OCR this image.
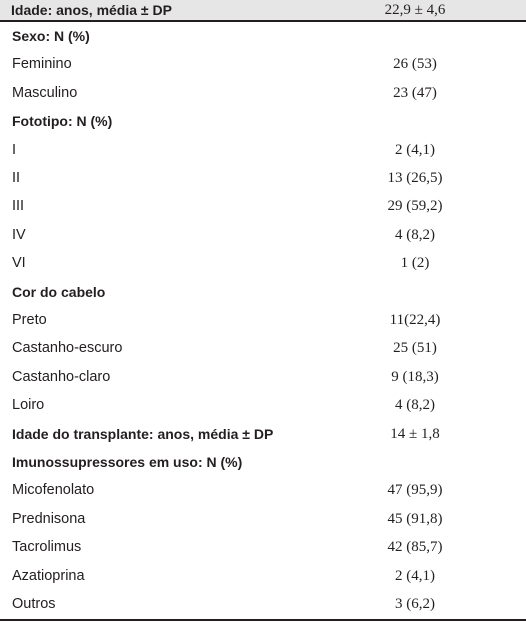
Idade: anos, média ± DP	22,9 ± 4,6
Sexo: N (%)
Feminino	26 (53)
Masculino	23 (47)
Fototipo: N (%)
I	2 (4,1)
II	13 (26,5)
III	29 (59,2)
IV	4 (8,2)
VI	1 (2)
Cor do cabelo
Preto	11(22,4)
Castanho-escuro	25 (51)
Castanho-claro	9 (18,3)
Loiro	4 (8,2)
Idade do transplante: anos, média ± DP	14 ± 1,8
Imunossupressores em uso: N (%)
Micofenolato	47 (95,9)
Prednisona	45 (91,8)
Tacrolimus	42 (85,7)
Azatioprina	2 (4,1)
Outros	3 (6,2)
